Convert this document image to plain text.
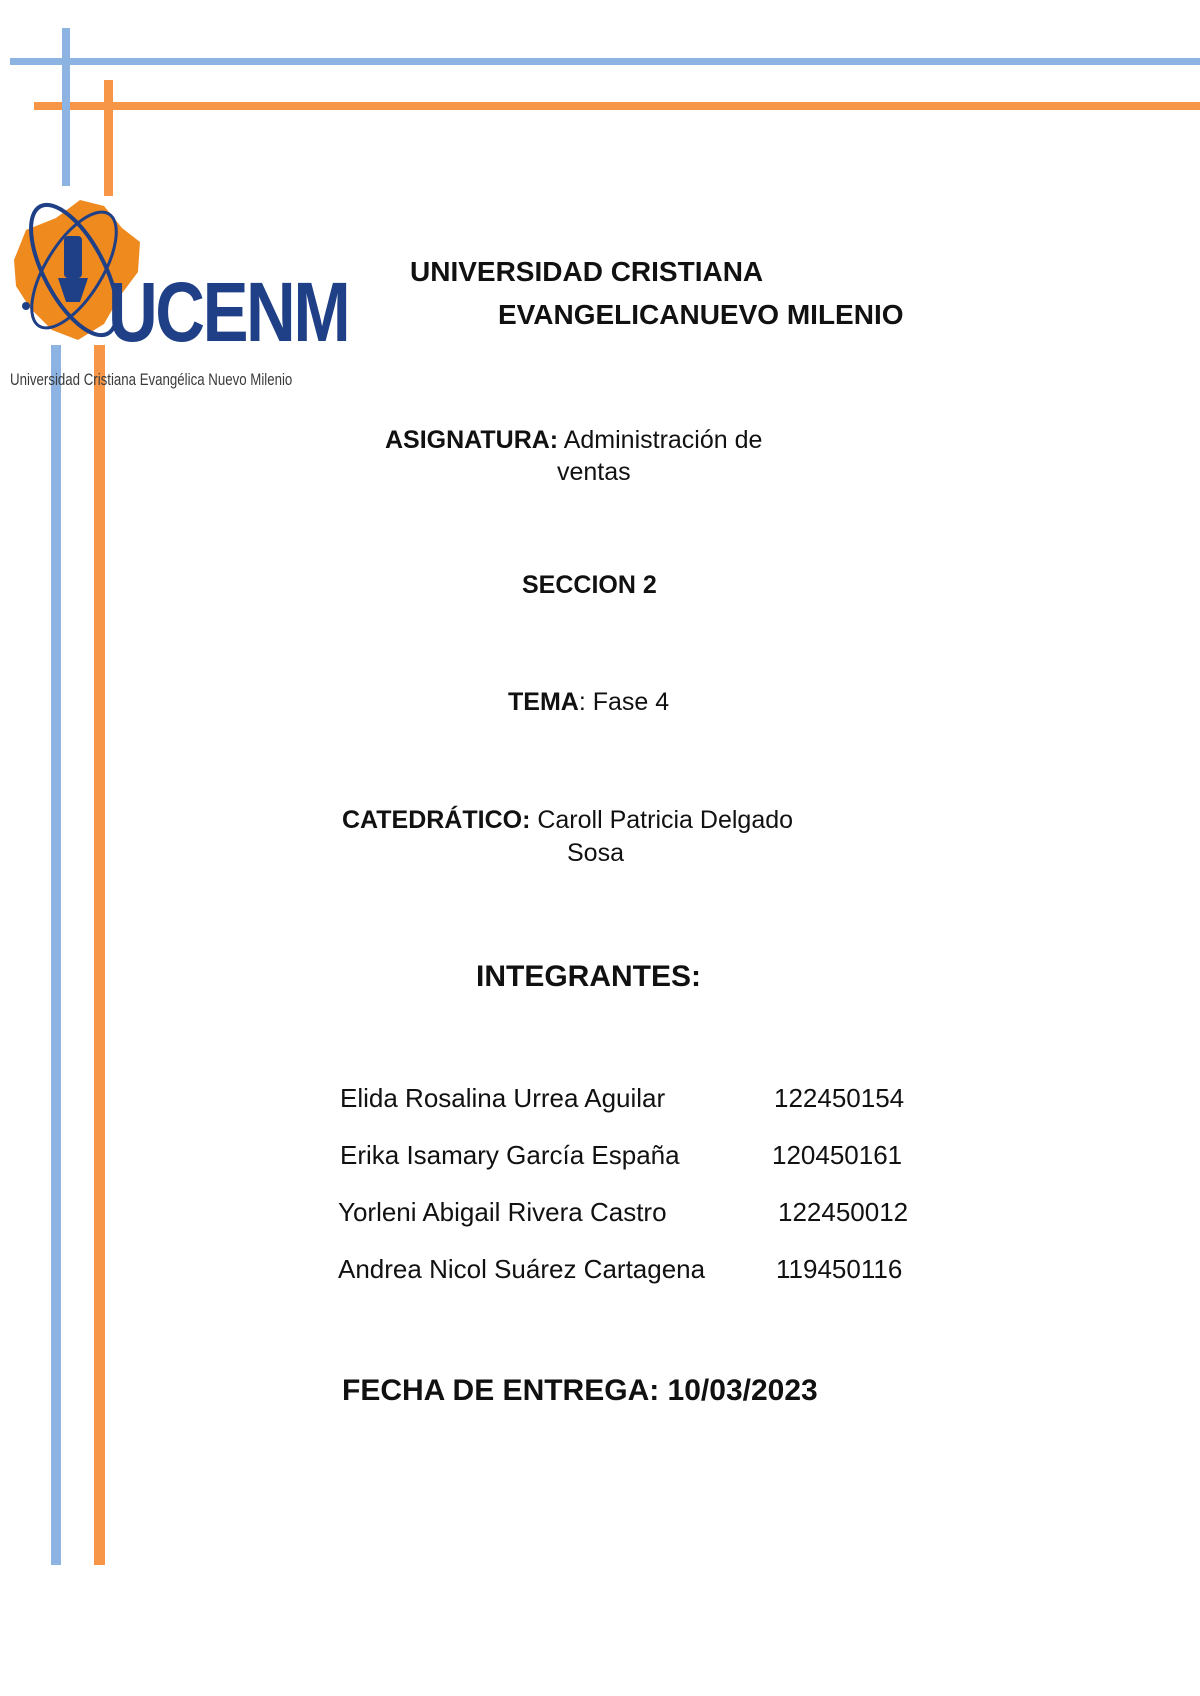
UCENM
Universidad Cristiana Evangélica Nuevo Milenio
UNIVERSIDAD CRISTIANA
EVANGELICANUEVO MILENIO
ASIGNATURA: Administración de
ventas
SECCION 2
TEMA: Fase 4
CATEDRÁTICO: Caroll Patricia Delgado
Sosa
INTEGRANTES:
Elida Rosalina Urrea Aguilar	122450154
Erika Isamary García España	120450161
Yorleni Abigail Rivera Castro	122450012
Andrea Nicol Suárez Cartagena	119450116
FECHA DE ENTREGA: 10/03/2023
